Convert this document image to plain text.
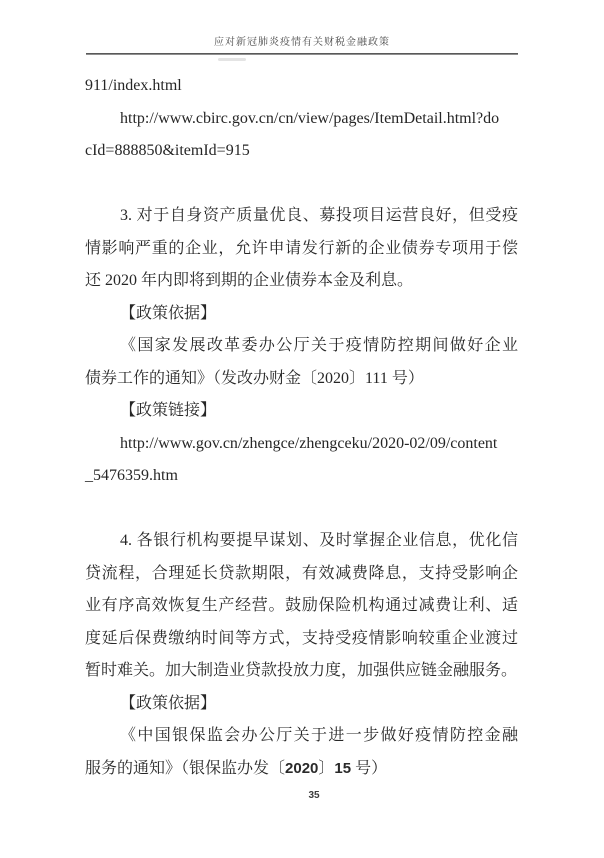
应对新冠肺炎疫情有关财税金融政策
911/index.html
http://www.cbirc.gov.cn/cn/view/pages/ItemDetail.html?do
cId=888850&itemId=915
3. 对于自身资产质量优良、募投项目运营良好，但受疫
情影响严重的企业，允许申请发行新的企业债券专项用于偿
还 2020 年内即将到期的企业债券本金及利息。
【政策依据】
《国家发展改革委办公厅关于疫情防控期间做好企业
债券工作的通知》（发改办财金〔2020〕111 号）
【政策链接】
http://www.gov.cn/zhengce/zhengceku/2020-02/09/content
_5476359.htm
4. 各银行机构要提早谋划、及时掌握企业信息，优化信
贷流程，合理延长贷款期限，有效减费降息，支持受影响企
业有序高效恢复生产经营。鼓励保险机构通过减费让利、适
度延后保费缴纳时间等方式，支持受疫情影响较重企业渡过
暂时难关。加大制造业贷款投放力度，加强供应链金融服务。
【政策依据】
《中国银保监会办公厅关于进一步做好疫情防控金融
服务的通知》（银保监办发〔2020〕15 号）
35
